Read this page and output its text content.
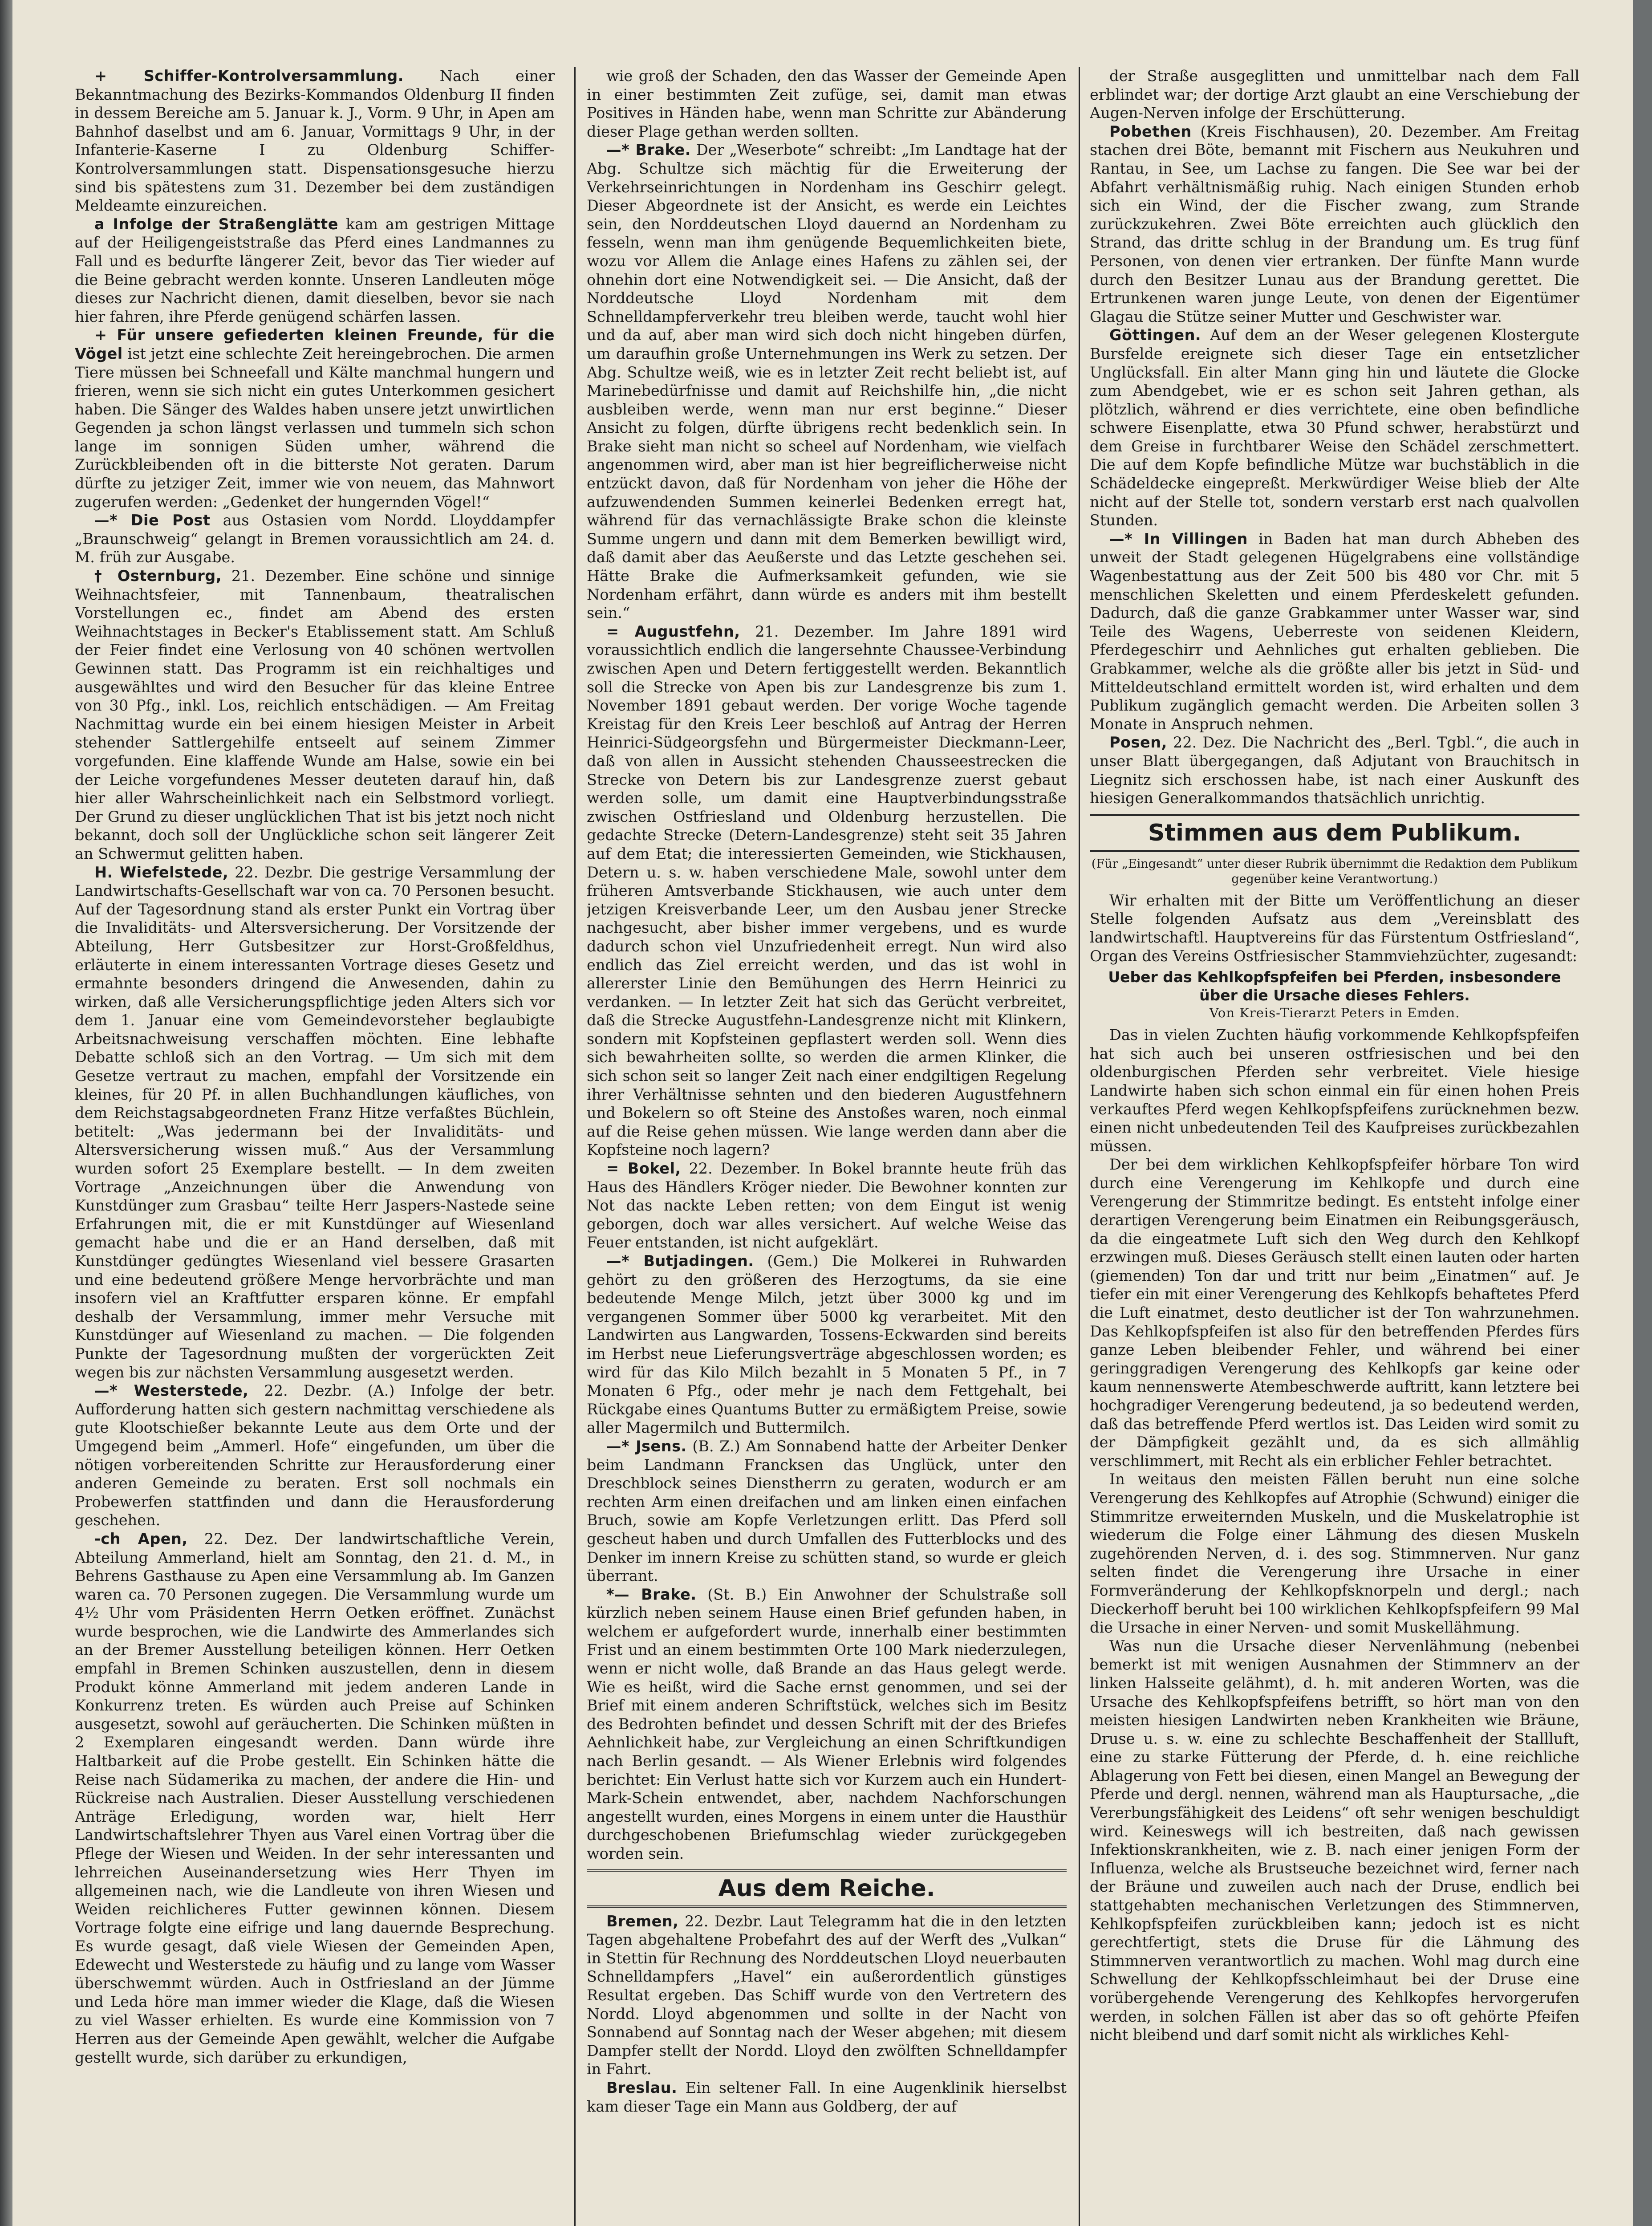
+ Schiffer-Kontrolversammlung. Nach einer Bekanntmachung des Bezirks-Kommandos Oldenburg II finden in dessem Bereiche am 5. Januar k. J., Vorm. 9 Uhr, in Apen am Bahnhof daselbst und am 6. Januar, Vormittags 9 Uhr, in der Infanterie-Kaserne I zu Oldenburg Schiffer-Kontrolversammlungen statt. Dispensationsgesuche hierzu sind bis spätestens zum 31. Dezember bei dem zuständigen Meldeamte einzureichen.

a Infolge der Straßenglätte kam am gestrigen Mittage auf der Heiligengeiststraße das Pferd eines Landmannes zu Fall und es bedurfte längerer Zeit, bevor das Tier wieder auf die Beine gebracht werden konnte. Unseren Landleuten möge dieses zur Nachricht dienen, damit dieselben, bevor sie nach hier fahren, ihre Pferde genügend schärfen lassen.

+ Für unsere gefiederten kleinen Freunde, für die Vögel ist jetzt eine schlechte Zeit hereingebrochen. Die armen Tiere müssen bei Schneefall und Kälte manchmal hungern und frieren, wenn sie sich nicht ein gutes Unterkommen gesichert haben. Die Sänger des Waldes haben unsere jetzt unwirtlichen Gegenden ja schon längst verlassen und tummeln sich schon lange im sonnigen Süden umher, während die Zurückbleibenden oft in die bitterste Not geraten. Darum dürfte zu jetziger Zeit, immer wie von neuem, das Mahnwort zugerufen werden: „Gedenket der hungernden Vögel!“

—* Die Post aus Ostasien vom Nordd. Lloyddampfer „Braunschweig“ gelangt in Bremen voraussichtlich am 24. d. M. früh zur Ausgabe.

† Osternburg, 21. Dezember. Eine schöne und sinnige Weihnachtsfeier, mit Tannenbaum, theatralischen Vorstellungen ec., findet am Abend des ersten Weihnachtstages in Becker's Etablissement statt. Am Schluß der Feier findet eine Verlosung von 40 schönen wertvollen Gewinnen statt. Das Programm ist ein reichhaltiges und ausgewähltes und wird den Besucher für das kleine Entree von 30 Pfg., inkl. Los, reichlich entschädigen. — Am Freitag Nachmittag wurde ein bei einem hiesigen Meister in Arbeit stehender Sattlergehilfe entseelt auf seinem Zimmer vorgefunden. Eine klaffende Wunde am Halse, sowie ein bei der Leiche vorgefundenes Messer deuteten darauf hin, daß hier aller Wahrscheinlichkeit nach ein Selbstmord vorliegt. Der Grund zu dieser unglücklichen That ist bis jetzt noch nicht bekannt, doch soll der Unglückliche schon seit längerer Zeit an Schwermut gelitten haben.

H. Wiefelstede, 22. Dezbr. Die gestrige Versammlung der Landwirtschafts-Gesellschaft war von ca. 70 Personen besucht. Auf der Tagesordnung stand als erster Punkt ein Vortrag über die Invaliditäts- und Altersversicherung. Der Vorsitzende der Abteilung, Herr Gutsbesitzer zur Horst-Großfeldhus, erläuterte in einem interessanten Vortrage dieses Gesetz und ermahnte besonders dringend die Anwesenden, dahin zu wirken, daß alle Versicherungspflichtige jeden Alters sich vor dem 1. Januar eine vom Gemeindevorsteher beglaubigte Arbeitsnachweisung verschaffen möchten. Eine lebhafte Debatte schloß sich an den Vortrag. — Um sich mit dem Gesetze vertraut zu machen, empfahl der Vorsitzende ein kleines, für 20 Pf. in allen Buchhandlungen käufliches, von dem Reichstagsabgeordneten Franz Hitze verfaßtes Büchlein, betitelt: „Was jedermann bei der Invaliditäts- und Altersversicherung wissen muß.“ Aus der Versammlung wurden sofort 25 Exemplare bestellt. — In dem zweiten Vortrage „Anzeichnungen über die Anwendung von Kunstdünger zum Grasbau“ teilte Herr Jaspers-Nastede seine Erfahrungen mit, die er mit Kunstdünger auf Wiesenland gemacht habe und die er an Hand derselben, daß mit Kunstdünger gedüngtes Wiesenland viel bessere Grasarten und eine bedeutend größere Menge hervorbrächte und man insofern viel an Kraftfutter ersparen könne. Er empfahl deshalb der Versammlung, immer mehr Versuche mit Kunstdünger auf Wiesenland zu machen. — Die folgenden Punkte der Tagesordnung mußten der vorgerückten Zeit wegen bis zur nächsten Versammlung ausgesetzt werden.

—* Westerstede, 22. Dezbr. (A.) Infolge der betr. Aufforderung hatten sich gestern nachmittag verschiedene als gute Klootschießer bekannte Leute aus dem Orte und der Umgegend beim „Ammerl. Hofe“ eingefunden, um über die nötigen vorbereitenden Schritte zur Herausforderung einer anderen Gemeinde zu beraten. Erst soll nochmals ein Probewerfen stattfinden und dann die Herausforderung geschehen.

-ch Apen, 22. Dez. Der landwirtschaftliche Verein, Abteilung Ammerland, hielt am Sonntag, den 21. d. M., in Behrens Gasthause zu Apen eine Versammlung ab. Im Ganzen waren ca. 70 Personen zugegen. Die Versammlung wurde um 4½ Uhr vom Präsidenten Herrn Oetken eröffnet. Zunächst wurde besprochen, wie die Landwirte des Ammerlandes sich an der Bremer Ausstellung beteiligen können. Herr Oetken empfahl in Bremen Schinken auszustellen, denn in diesem Produkt könne Ammerland mit jedem anderen Lande in Konkurrenz treten. Es würden auch Preise auf Schinken ausgesetzt, sowohl auf geräucherten. Die Schinken müßten in 2 Exemplaren eingesandt werden. Dann würde ihre Haltbarkeit auf die Probe gestellt. Ein Schinken hätte die Reise nach Südamerika zu machen, der andere die Hin- und Rückreise nach Australien. Dieser Ausstellung verschiedenen Anträge Erledigung, worden war, hielt Herr Landwirtschaftslehrer Thyen aus Varel einen Vortrag über die Pflege der Wiesen und Weiden. In der sehr interessanten und lehrreichen Auseinandersetzung wies Herr Thyen im allgemeinen nach, wie die Landleute von ihren Wiesen und Weiden reichlicheres Futter gewinnen können. Diesem Vortrage folgte eine eifrige und lang dauernde Besprechung. Es wurde gesagt, daß viele Wiesen der Gemeinden Apen, Edewecht und Westerstede zu häufig und zu lange vom Wasser überschwemmt würden. Auch in Ostfriesland an der Jümme und Leda höre man immer wieder die Klage, daß die Wiesen zu viel Wasser erhielten. Es wurde eine Kommission von 7 Herren aus der Gemeinde Apen gewählt, welcher die Aufgabe gestellt wurde, sich darüber zu erkundigen,

wie groß der Schaden, den das Wasser der Gemeinde Apen in einer bestimmten Zeit zufüge, sei, damit man etwas Positives in Händen habe, wenn man Schritte zur Abänderung dieser Plage gethan werden sollten.

—* Brake. Der „Weserbote“ schreibt: „Im Landtage hat der Abg. Schultze sich mächtig für die Erweiterung der Verkehrseinrichtungen in Nordenham ins Geschirr gelegt. Dieser Abgeordnete ist der Ansicht, es werde ein Leichtes sein, den Norddeutschen Lloyd dauernd an Nordenham zu fesseln, wenn man ihm genügende Bequemlichkeiten biete, wozu vor Allem die Anlage eines Hafens zu zählen sei, der ohnehin dort eine Notwendigkeit sei. — Die Ansicht, daß der Norddeutsche Lloyd Nordenham mit dem Schnelldampferverkehr treu bleiben werde, taucht wohl hier und da auf, aber man wird sich doch nicht hingeben dürfen, um daraufhin große Unternehmungen ins Werk zu setzen. Der Abg. Schultze weiß, wie es in letzter Zeit recht beliebt ist, auf Marinebedürfnisse und damit auf Reichshilfe hin, „die nicht ausbleiben werde, wenn man nur erst beginne.“ Dieser Ansicht zu folgen, dürfte übrigens recht bedenklich sein. In Brake sieht man nicht so scheel auf Nordenham, wie vielfach angenommen wird, aber man ist hier begreiflicherweise nicht entzückt davon, daß für Nordenham von jeher die Höhe der aufzuwendenden Summen keinerlei Bedenken erregt hat, während für das vernachlässigte Brake schon die kleinste Summe ungern und dann mit dem Bemerken bewilligt wird, daß damit aber das Aeußerste und das Letzte geschehen sei. Hätte Brake die Aufmerksamkeit gefunden, wie sie Nordenham erfährt, dann würde es anders mit ihm bestellt sein.“

= Augustfehn, 21. Dezember. Im Jahre 1891 wird voraussichtlich endlich die langersehnte Chaussee-Verbindung zwischen Apen und Detern fertiggestellt werden. Bekanntlich soll die Strecke von Apen bis zur Landesgrenze bis zum 1. November 1891 gebaut werden. Der vorige Woche tagende Kreistag für den Kreis Leer beschloß auf Antrag der Herren Heinrici-Südgeorgsfehn und Bürgermeister Dieckmann-Leer, daß von allen in Aussicht stehenden Chausseestrecken die Strecke von Detern bis zur Landesgrenze zuerst gebaut werden solle, um damit eine Hauptverbindungsstraße zwischen Ostfriesland und Oldenburg herzustellen. Die gedachte Strecke (Detern-Landesgrenze) steht seit 35 Jahren auf dem Etat; die interessierten Gemeinden, wie Stickhausen, Detern u. s. w. haben verschiedene Male, sowohl unter dem früheren Amtsverbande Stickhausen, wie auch unter dem jetzigen Kreisverbande Leer, um den Ausbau jener Strecke nachgesucht, aber bisher immer vergebens, und es wurde dadurch schon viel Unzufriedenheit erregt. Nun wird also endlich das Ziel erreicht werden, und das ist wohl in allererster Linie den Bemühungen des Herrn Heinrici zu verdanken. — In letzter Zeit hat sich das Gerücht verbreitet, daß die Strecke Augustfehn-Landesgrenze nicht mit Klinkern, sondern mit Kopfsteinen gepflastert werden soll. Wenn dies sich bewahrheiten sollte, so werden die armen Klinker, die sich schon seit so langer Zeit nach einer endgiltigen Regelung ihrer Verhältnisse sehnten und den biederen Augustfehnern und Bokelern so oft Steine des Anstoßes waren, noch einmal auf die Reise gehen müssen. Wie lange werden dann aber die Kopfsteine noch lagern?

= Bokel, 22. Dezember. In Bokel brannte heute früh das Haus des Händlers Kröger nieder. Die Bewohner konnten zur Not das nackte Leben retten; von dem Eingut ist wenig geborgen, doch war alles versichert. Auf welche Weise das Feuer entstanden, ist nicht aufgeklärt.

—* Butjadingen. (Gem.) Die Molkerei in Ruhwarden gehört zu den größeren des Herzogtums, da sie eine bedeutende Menge Milch, jetzt über 3000 kg und im vergangenen Sommer über 5000 kg verarbeitet. Mit den Landwirten aus Langwarden, Tossens-Eckwarden sind bereits im Herbst neue Lieferungsverträge abgeschlossen worden; es wird für das Kilo Milch bezahlt in 5 Monaten 5 Pf., in 7 Monaten 6 Pfg., oder mehr je nach dem Fettgehalt, bei Rückgabe eines Quantums Butter zu ermäßigtem Preise, sowie aller Magermilch und Buttermilch.

—* Jsens. (B. Z.) Am Sonnabend hatte der Arbeiter Denker beim Landmann Francksen das Unglück, unter den Dreschblock seines Dienstherrn zu geraten, wodurch er am rechten Arm einen dreifachen und am linken einen einfachen Bruch, sowie am Kopfe Verletzungen erlitt. Das Pferd soll gescheut haben und durch Umfallen des Futterblocks und des Denker im innern Kreise zu schütten stand, so wurde er gleich überrant.

*— Brake. (St. B.) Ein Anwohner der Schulstraße soll kürzlich neben seinem Hause einen Brief gefunden haben, in welchem er aufgefordert wurde, innerhalb einer bestimmten Frist und an einem bestimmten Orte 100 Mark niederzulegen, wenn er nicht wolle, daß Brande an das Haus gelegt werde. Wie es heißt, wird die Sache ernst genommen, und sei der Brief mit einem anderen Schriftstück, welches sich im Besitz des Bedrohten befindet und dessen Schrift mit der des Briefes Aehnlichkeit habe, zur Vergleichung an einen Schriftkundigen nach Berlin gesandt. — Als Wiener Erlebnis wird folgendes berichtet: Ein Verlust hatte sich vor Kurzem auch ein Hundert-Mark-Schein entwendet, aber, nachdem Nachforschungen angestellt wurden, eines Morgens in einem unter die Hausthür durchgeschobenen Briefumschlag wieder zurückgegeben worden sein.

Aus dem Reiche.

Bremen, 22. Dezbr. Laut Telegramm hat die in den letzten Tagen abgehaltene Probefahrt des auf der Werft des „Vulkan“ in Stettin für Rechnung des Norddeutschen Lloyd neuerbauten Schnelldampfers „Havel“ ein außerordentlich günstiges Resultat ergeben. Das Schiff wurde von den Vertretern des Nordd. Lloyd abgenommen und sollte in der Nacht von Sonnabend auf Sonntag nach der Weser abgehen; mit diesem Dampfer stellt der Nordd. Lloyd den zwölften Schnelldampfer in Fahrt.

Breslau. Ein seltener Fall. In eine Augenklinik hierselbst kam dieser Tage ein Mann aus Goldberg, der auf

der Straße ausgeglitten und unmittelbar nach dem Fall erblindet war; der dortige Arzt glaubt an eine Verschiebung der Augen-Nerven infolge der Erschütterung.

Pobethen (Kreis Fischhausen), 20. Dezember. Am Freitag stachen drei Böte, bemannt mit Fischern aus Neukuhren und Rantau, in See, um Lachse zu fangen. Die See war bei der Abfahrt verhältnismäßig ruhig. Nach einigen Stunden erhob sich ein Wind, der die Fischer zwang, zum Strande zurückzukehren. Zwei Böte erreichten auch glücklich den Strand, das dritte schlug in der Brandung um. Es trug fünf Personen, von denen vier ertranken. Der fünfte Mann wurde durch den Besitzer Lunau aus der Brandung gerettet. Die Ertrunkenen waren junge Leute, von denen der Eigentümer Glagau die Stütze seiner Mutter und Geschwister war.

Göttingen. Auf dem an der Weser gelegenen Klostergute Bursfelde ereignete sich dieser Tage ein entsetzlicher Unglücksfall. Ein alter Mann ging hin und läutete die Glocke zum Abendgebet, wie er es schon seit Jahren gethan, als plötzlich, während er dies verrichtete, eine oben befindliche schwere Eisenplatte, etwa 30 Pfund schwer, herabstürzt und dem Greise in furchtbarer Weise den Schädel zerschmettert. Die auf dem Kopfe befindliche Mütze war buchstäblich in die Schädeldecke eingepreßt. Merkwürdiger Weise blieb der Alte nicht auf der Stelle tot, sondern verstarb erst nach qualvollen Stunden.

—* In Villingen in Baden hat man durch Abheben des unweit der Stadt gelegenen Hügelgrabens eine vollständige Wagenbestattung aus der Zeit 500 bis 480 vor Chr. mit 5 menschlichen Skeletten und einem Pferdeskelett gefunden. Dadurch, daß die ganze Grabkammer unter Wasser war, sind Teile des Wagens, Ueberreste von seidenen Kleidern, Pferdegeschirr und Aehnliches gut erhalten geblieben. Die Grabkammer, welche als die größte aller bis jetzt in Süd- und Mitteldeutschland ermittelt worden ist, wird erhalten und dem Publikum zugänglich gemacht werden. Die Arbeiten sollen 3 Monate in Anspruch nehmen.

Posen, 22. Dez. Die Nachricht des „Berl. Tgbl.“, die auch in unser Blatt übergegangen, daß Adjutant von Brauchitsch in Liegnitz sich erschossen habe, ist nach einer Auskunft des hiesigen Generalkommandos thatsächlich unrichtig.

Stimmen aus dem Publikum.
(Für „Eingesandt“ unter dieser Rubrik übernimmt die Redaktion dem Publikum gegenüber keine Verantwortung.)

Wir erhalten mit der Bitte um Veröffentlichung an dieser Stelle folgenden Aufsatz aus dem „Vereinsblatt des landwirtschaftl. Hauptvereins für das Fürstentum Ostfriesland“, Organ des Vereins Ostfriesischer Stammviehzüchter, zugesandt:

Ueber das Kehlkopfspfeifen bei Pferden, insbesondere über die Ursache dieses Fehlers.
Von Kreis-Tierarzt Peters in Emden.

Das in vielen Zuchten häufig vorkommende Kehlkopfspfeifen hat sich auch bei unseren ostfriesischen und bei den oldenburgischen Pferden sehr verbreitet. Viele hiesige Landwirte haben sich schon einmal ein für einen hohen Preis verkauftes Pferd wegen Kehlkopfspfeifens zurücknehmen bezw. einen nicht unbedeutenden Teil des Kaufpreises zurückbezahlen müssen.

Der bei dem wirklichen Kehlkopfspfeifer hörbare Ton wird durch eine Verengerung im Kehlkopfe und durch eine Verengerung der Stimmritze bedingt. Es entsteht infolge einer derartigen Verengerung beim Einatmen ein Reibungsgeräusch, da die eingeatmete Luft sich den Weg durch den Kehlkopf erzwingen muß. Dieses Geräusch stellt einen lauten oder harten (giemenden) Ton dar und tritt nur beim „Einatmen“ auf. Je tiefer ein mit einer Verengerung des Kehlkopfs behaftetes Pferd die Luft einatmet, desto deutlicher ist der Ton wahrzunehmen. Das Kehlkopfspfeifen ist also für den betreffenden Pferdes fürs ganze Leben bleibender Fehler, und während bei einer geringgradigen Verengerung des Kehlkopfs gar keine oder kaum nennenswerte Atembeschwerde auftritt, kann letztere bei hochgradiger Verengerung bedeutend, ja so bedeutend werden, daß das betreffende Pferd wertlos ist. Das Leiden wird somit zu der Dämpfigkeit gezählt und, da es sich allmählig verschlimmert, mit Recht als ein erblicher Fehler betrachtet.

In weitaus den meisten Fällen beruht nun eine solche Verengerung des Kehlkopfes auf Atrophie (Schwund) einiger die Stimmritze erweiternden Muskeln, und die Muskelatrophie ist wiederum die Folge einer Lähmung des diesen Muskeln zugehörenden Nerven, d. i. des sog. Stimmnerven. Nur ganz selten findet die Verengerung ihre Ursache in einer Formveränderung der Kehlkopfsknorpeln und dergl.; nach Dieckerhoff beruht bei 100 wirklichen Kehlkopfspfeifern 99 Mal die Ursache in einer Nerven- und somit Muskellähmung.

Was nun die Ursache dieser Nervenlähmung (nebenbei bemerkt ist mit wenigen Ausnahmen der Stimmnerv an der linken Halsseite gelähmt), d. h. mit anderen Worten, was die Ursache des Kehlkopfspfeifens betrifft, so hört man von den meisten hiesigen Landwirten neben Krankheiten wie Bräune, Druse u. s. w. eine zu schlechte Beschaffenheit der Stallluft, eine zu starke Fütterung der Pferde, d. h. eine reichliche Ablagerung von Fett bei diesen, einen Mangel an Bewegung der Pferde und dergl. nennen, während man als Hauptursache, „die Vererbungsfähigkeit des Leidens“ oft sehr wenigen beschuldigt wird. Keineswegs will ich bestreiten, daß nach gewissen Infektionskrankheiten, wie z. B. nach einer jenigen Form der Influenza, welche als Brustseuche bezeichnet wird, ferner nach der Bräune und zuweilen auch nach der Druse, endlich bei stattgehabten mechanischen Verletzungen des Stimmnerven, Kehlkopfspfeifen zurückbleiben kann; jedoch ist es nicht gerechtfertigt, stets die Druse für die Lähmung des Stimmnerven verantwortlich zu machen. Wohl mag durch eine Schwellung der Kehlkopfsschleimhaut bei der Druse eine vorübergehende Verengerung des Kehlkopfes hervorgerufen werden, in solchen Fällen ist aber das so oft gehörte Pfeifen nicht bleibend und darf somit nicht als wirkliches Kehl-
